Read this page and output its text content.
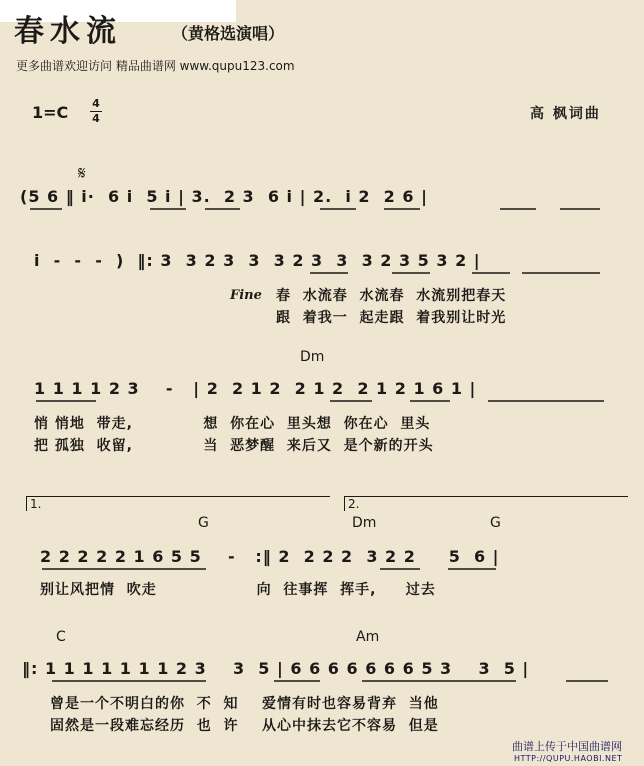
春水流	（黄格选演唱）
更多曲谱欢迎访问 精品曲谱网 www.qupu123.com
1=C 4
4	高 枫词曲
𝄋
(5 6 ‖ i·  6 i  5 i | 3.  2 3  6 i | 2.  i 2  2 6 |
i  -  -  -  )  ‖: 3  3 2 3  3  3 2 3  3  3 2 3 5 3 2 |
Fine 春  水流春  水流春  水流别把春天
跟  着我一  起走跟  着我别让时光
Dm
1 1 1 1 2 3    -   | 2  2 1 2  2 1 2  2 1 2 1 6 1 |
悄 悄地  带走,            想  你在心  里头想  你在心  里头
把 孤独  收留,            当  恶梦醒  来后又  是个新的开头
1.	2.
G	Dm	G
2 2 2 2 2 1 6 5 5    -   :‖ 2  2 2 2  3 2 2     5  6 |
别让风把情  吹走                 向  往事挥  挥手,     过去
C	Am
‖: 1 1 1 1 1 1 1 2 3    3  5 | 6 6 6 6 6 6 6 5 3    3  5 |
曾是一个不明白的你  不  知    爱情有时也容易背弃  当他
固然是一段难忘经历  也  许    从心中抹去它不容易  但是
曲谱上传于中国曲谱网
HTTP://QUPU.HAOBI.NET
